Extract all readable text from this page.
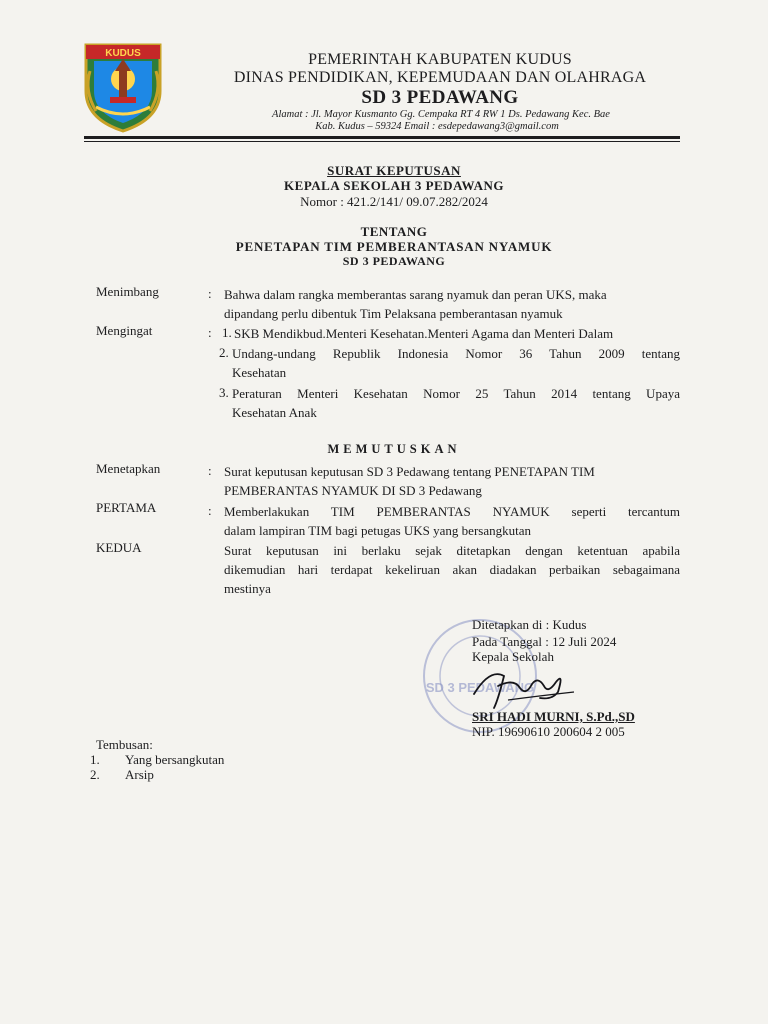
KUDUS	PEMERINTAH KABUPATEN KUDUS
DINAS PENDIDIKAN, KEPEMUDAAN DAN OLAHRAGA
SD 3 PEDAWANG
Alamat : Jl. Mayor Kusmanto Gg. Cempaka RT 4 RW 1 Ds. Pedawang Kec. Bae
Kab. Kudus – 59324 Email : esdepedawang3@gmail.com
SURAT KEPUTUSAN
KEPALA SEKOLAH 3 PEDAWANG
Nomor : 421.2/141/ 09.07.282/2024
TENTANG
PENETAPAN TIM PEMBERANTASAN NYAMUK
SD 3 PEDAWANG
Menimbang	: Bahwa dalam rangka memberantas sarang nyamuk dan peran UKS, maka
dipandang perlu dibentuk Tim Pelaksana pemberantasan nyamuk
Mengingat	: 1. SKB Mendikbud.Menteri Kesehatan.Menteri Agama dan Menteri Dalam
2. Undang-undang Republik Indonesia Nomor 36 Tahun 2009 tentang
Kesehatan
3. Peraturan Menteri Kesehatan Nomor 25 Tahun 2014 tentang Upaya
Kesehatan Anak
MEMUTUSKAN
Menetapkan	: Surat keputusan keputusan SD 3 Pedawang tentang PENETAPAN TIM
PEMBERANTAS NYAMUK DI SD 3 Pedawang
PERTAMA	: Memberlakukan TIM PEMBERANTAS NYAMUK seperti tercantum
dalam lampiran TIM bagi petugas UKS yang bersangkutan
KEDUA	Surat keputusan ini berlaku sejak ditetapkan dengan ketentuan apabila
dikemudian hari terdapat kekeliruan akan diadakan perbaikan sebagaimana
mestinya
SD 3 PEDAWANG
Ditetapkan di : Kudus
Pada Tanggal : 12 Juli 2024
Kepala Sekolah
SRI HADI MURNI, S.Pd.,SD
NIP. 19690610 200604 2 005
Tembusan:
1. Yang bersangkutan
2. Arsip
